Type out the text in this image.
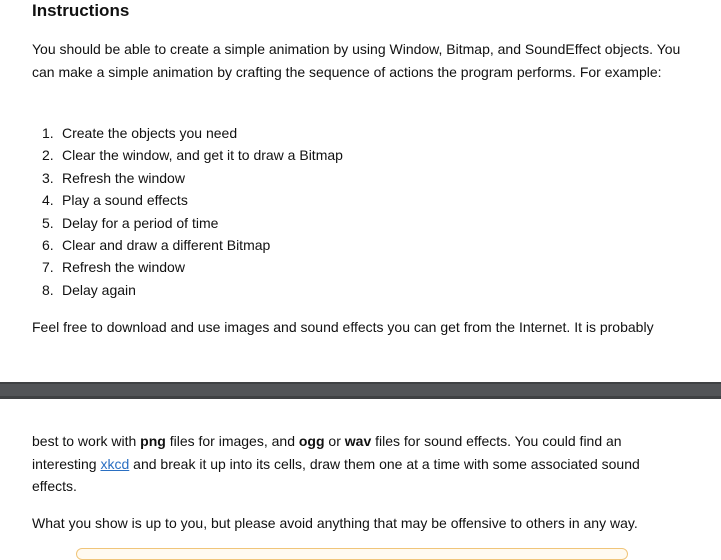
Instructions

You should be able to create a simple animation by using Window, Bitmap, and SoundEffect objects. You can make a simple animation by crafting the sequence of actions the program performs. For example:

1. Create the objects you need
2. Clear the window, and get it to draw a Bitmap
3. Refresh the window
4. Play a sound effects
5. Delay for a period of time
6. Clear and draw a different Bitmap
7. Refresh the window
8. Delay again

Feel free to download and use images and sound effects you can get from the Internet. It is probably

best to work with png files for images, and ogg or wav files for sound effects. You could find an interesting xkcd and break it up into its cells, draw them one at a time with some associated sound effects.

What you show is up to you, but please avoid anything that may be offensive to others in any way.
